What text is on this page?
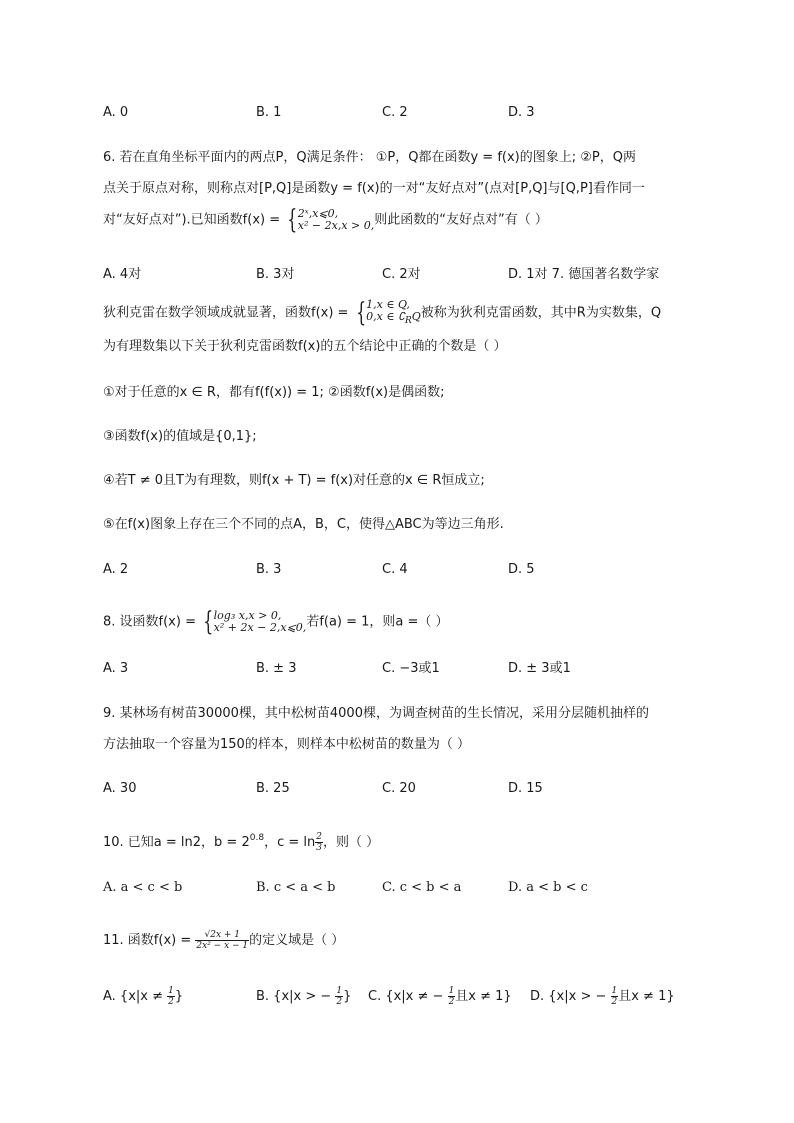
A. 0	B. 1	C. 2	D. 3
6. 若在直角坐标平面内的两点P，Q满足条件： ①P，Q都在函数y = f(x)的图象上; ②P，Q两
点关于原点对称，则称点对[P,Q]是函数y = f(x)的一对“友好点对”(点对[P,Q]与[Q,P]看作同一
对“友好点对”).已知函数f(x) = { 2ˣ,x⩽0,
x² − 2x,x > 0, 则此函数的“友好点对”有（ ）
A. 4对	B. 3对	C. 2对	D. 1对 7. 德国著名数学家
狄利克雷在数学领域成就显著，函数f(x) = { 1,x ∈ Q,
0,x ∈ $∁_RQ$ 被称为狄利克雷函数，其中R为实数集，Q
为有理数集以下关于狄利克雷函数f(x)的五个结论中正确的个数是（ ）
①对于任意的x ∈ R，都有f(f(x)) = 1; ②函数f(x)是偶函数;
③函数f(x)的值域是{0,1};
④若T ≠ 0且T为有理数，则f(x + T) = f(x)对任意的x ∈ R恒成立;
⑤在f(x)图象上存在三个不同的点A，B，C，使得△ABC为等边三角形.
A. 2	B. 3	C. 4	D. 5
8. 设函数f(x) = { log₃ x,x > 0,
x² + 2x − 2,x⩽0, 若f(a) = 1，则a =（ ）
A. 3	B. ± 3	C. −3或1	D. ± 3或1
9. 某林场有树苗30000棵，其中松树苗4000棵，为调查树苗的生长情况，采用分层随机抽样的
方法抽取一个容量为150的样本，则样本中松树苗的数量为（ ）
A. 30	B. 25	C. 20	D. 15
10. 已知a = ln2，$b = 2^{0.8}$，$c = \ln \frac{2}{3}$ ，则（ ）
A. a < c < b	B. c < a < b	C. c < b < a	D. a < b < c
11. 函数$f(x) = \frac{√2x + 1}{\text{2x² − x − 1}}$ 的定义域是（ ）
A. {$x|x \ne \frac{1}{2}$ }	B. {x|x > − $\frac{1}{2}$ } C. {x|x ≠ − $\frac{1}{2}$ 且x ≠ 1} D. {x|x > − $\frac{1}{2}$ 且x ≠ 1}
